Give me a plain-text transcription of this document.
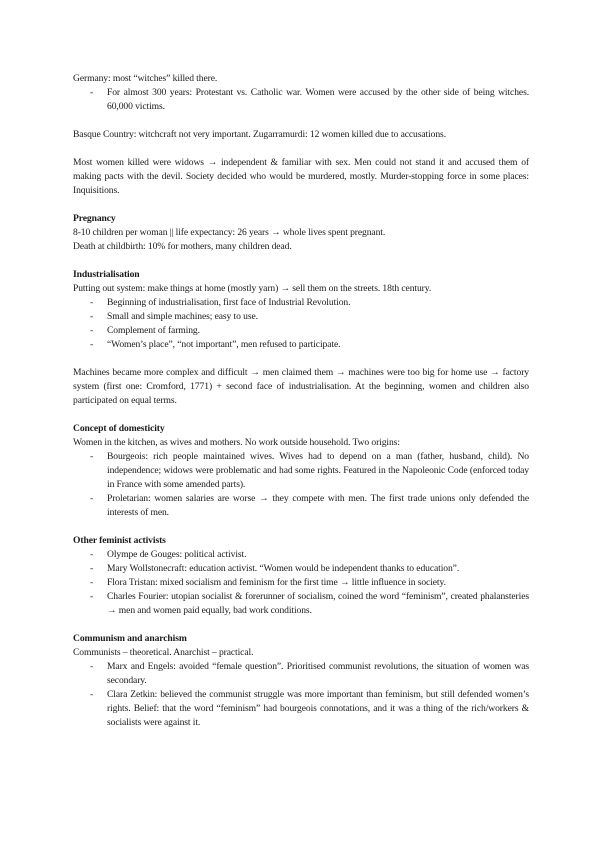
Germany: most “witches” killed there.

- For almost 300 years: Protestant vs. Catholic war. Women were accused by the other side of being witches. 60,000 victims.

Basque Country: witchcraft not very important. Zugarramurdi: 12 women killed due to accusations.

Most women killed were widows → independent & familiar with sex. Men could not stand it and accused them of making pacts with the devil. Society decided who would be murdered, mostly. Murder-stopping force in some places: Inquisitions.

Pregnancy

8-10 children per woman || life expectancy: 26 years → whole lives spent pregnant.

Death at childbirth: 10% for mothers, many children dead.

Industrialisation

Putting out system: make things at home (mostly yarn) → sell them on the streets. 18th century.

- Beginning of industrialisation, first face of Industrial Revolution.
- Small and simple machines; easy to use.
- Complement of farming.
- “Women’s place”, “not important”, men refused to participate.

Machines became more complex and difficult → men claimed them → machines were too big for home use → factory system (first one: Cromford, 1771) + second face of industrialisation. At the beginning, women and children also participated on equal terms.

Concept of domesticity

Women in the kitchen, as wives and mothers. No work outside household. Two origins:

- Bourgeois: rich people maintained wives. Wives had to depend on a man (father, husband, child). No independence; widows were problematic and had some rights. Featured in the Napoleonic Code (enforced today in France with some amended parts).
- Proletarian: women salaries are worse → they compete with men. The first trade unions only defended the interests of men.

Other feminist activists

- Olympe de Gouges: political activist.
- Mary Wollstonecraft: education activist. “Women would be independent thanks to education”.
- Flora Tristan: mixed socialism and feminism for the first time → little influence in society.
- Charles Fourier: utopian socialist & forerunner of socialism, coined the word “feminism”, created phalansteries → men and women paid equally, bad work conditions.

Communism and anarchism

Communists – theoretical. Anarchist – practical.

- Marx and Engels: avoided “female question”. Prioritised communist revolutions, the situation of women was secondary.
- Clara Zetkin: believed the communist struggle was more important than feminism, but still defended women’s rights. Belief: that the word “feminism” had bourgeois connotations, and it was a thing of the rich/workers & socialists were against it.
